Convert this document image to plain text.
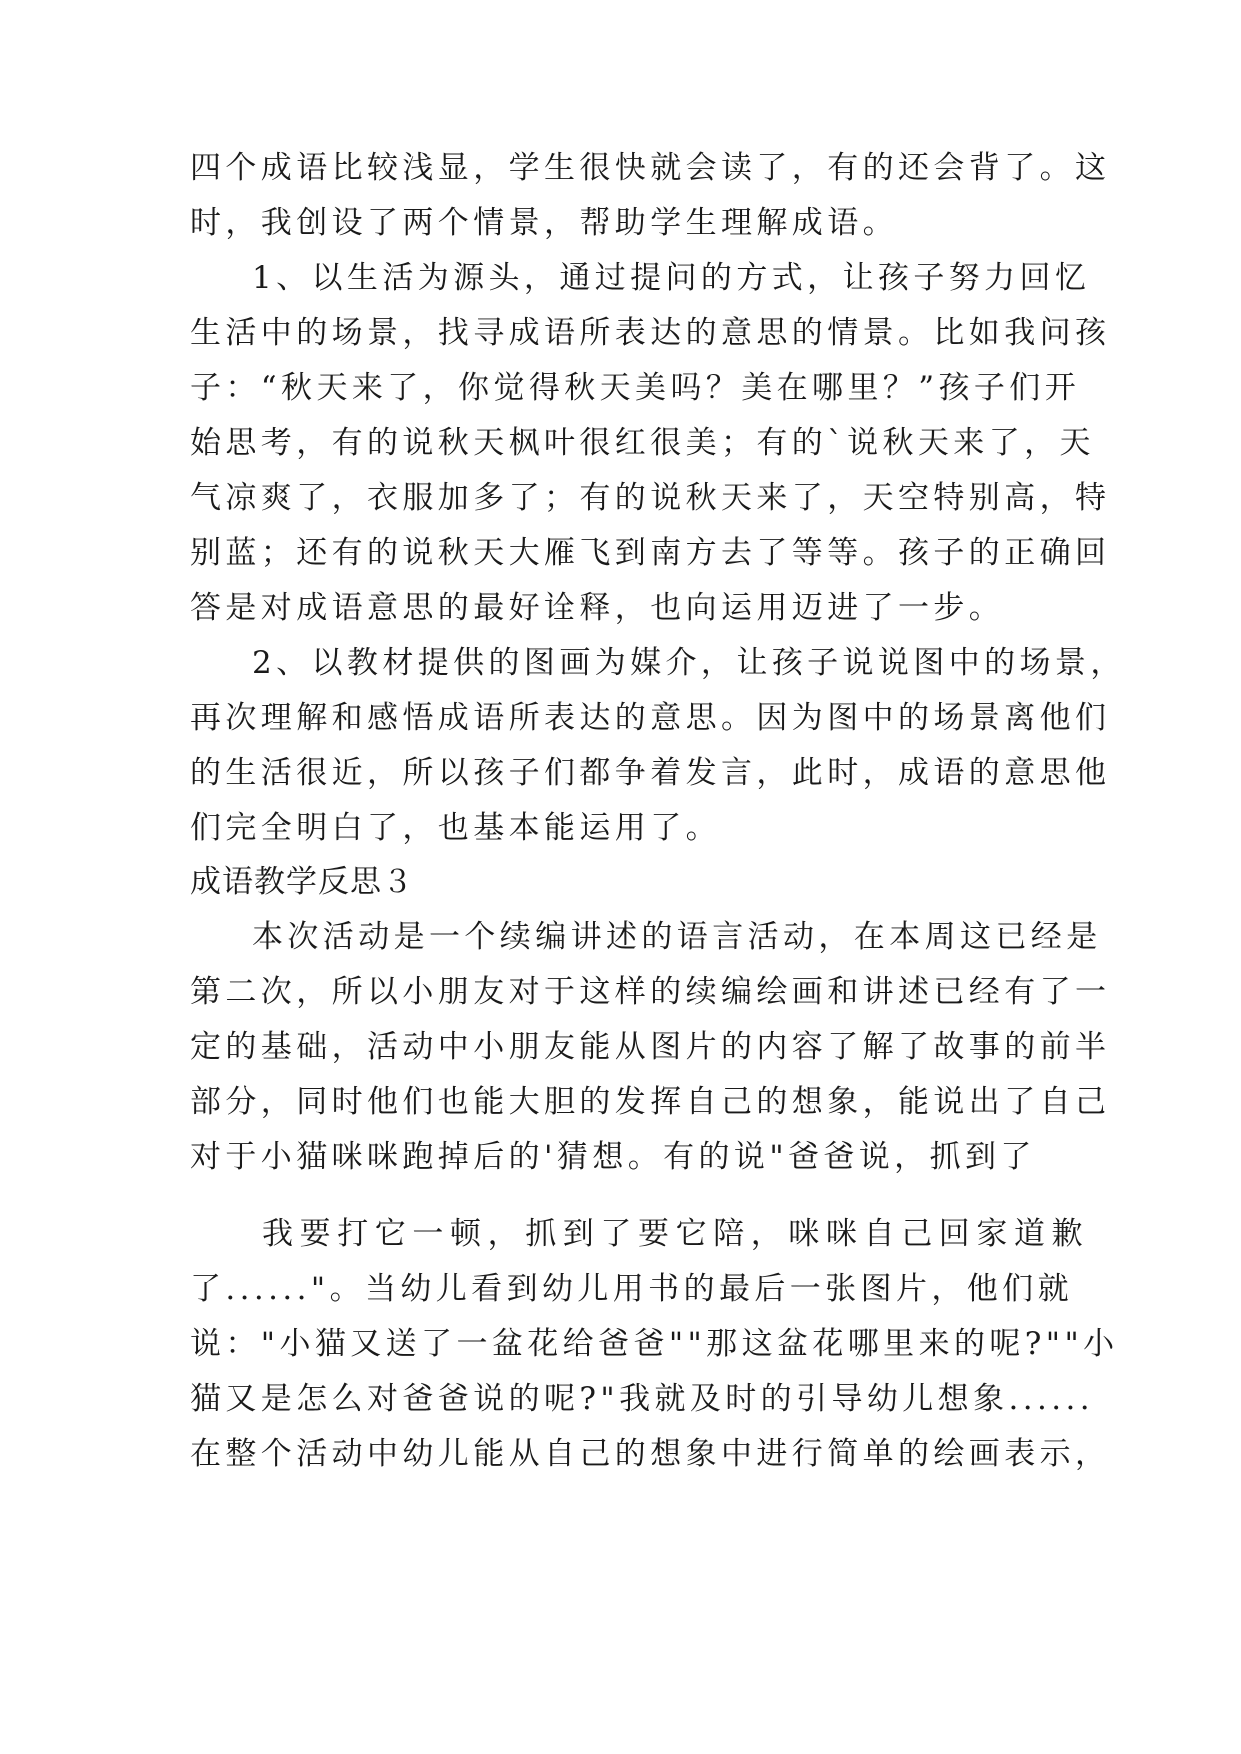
四个成语比较浅显，学生很快就会读了，有的还会背了。这
时，我创设了两个情景，帮助学生理解成语。
1、以生活为源头，通过提问的方式，让孩子努力回忆
生活中的场景，找寻成语所表达的意思的情景。比如我问孩
子：“秋天来了，你觉得秋天美吗？美在哪里？”孩子们开
始思考，有的说秋天枫叶很红很美；有的`说秋天来了，天
气凉爽了，衣服加多了；有的说秋天来了，天空特别高，特
别蓝；还有的说秋天大雁飞到南方去了等等。孩子的正确回
答是对成语意思的最好诠释，也向运用迈进了一步。
2、以教材提供的图画为媒介，让孩子说说图中的场景，
再次理解和感悟成语所表达的意思。因为图中的场景离他们
的生活很近，所以孩子们都争着发言，此时，成语的意思他
们完全明白了，也基本能运用了。
成语教学反思３
本次活动是一个续编讲述的语言活动，在本周这已经是
第二次，所以小朋友对于这样的续编绘画和讲述已经有了一
定的基础，活动中小朋友能从图片的内容了解了故事的前半
部分，同时他们也能大胆的发挥自己的想象，能说出了自己
对于小猫咪咪跑掉后的'猜想。有的说"爸爸说，抓到了
我要打它一顿，抓到了要它陪，咪咪自己回家道歉
了......"。当幼儿看到幼儿用书的最后一张图片，他们就
说："小猫又送了一盆花给爸爸""那这盆花哪里来的呢?""小
猫又是怎么对爸爸说的呢?"我就及时的引导幼儿想象......
在整个活动中幼儿能从自己的想象中进行简单的绘画表示，
